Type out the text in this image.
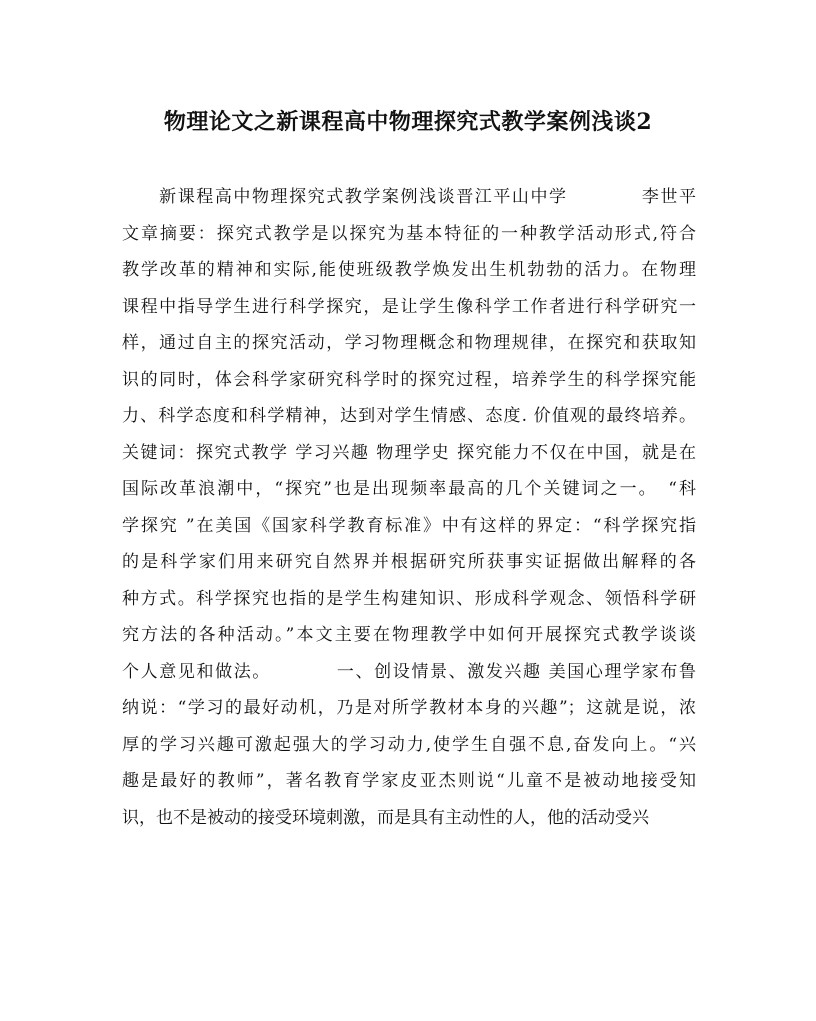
物理论文之新课程高中物理探究式教学案例浅谈2
　　新课程高中物理探究式教学案例浅谈晋江平山中学　　　　李世平
文章摘要：探究式教学是以探究为基本特征的一种教学活动形式,符合
教学改革的精神和实际,能使班级教学焕发出生机勃勃的活力。在物理
课程中指导学生进行科学探究，是让学生像科学工作者进行科学研究一
样，通过自主的探究活动，学习物理概念和物理规律，在探究和获取知
识的同时，体会科学家研究科学时的探究过程，培养学生的科学探究能
力、科学态度和科学精神，达到对学生情感、态度. 价值观的最终培养。
关键词：探究式教学 学习兴趣 物理学史 探究能力不仅在中国，就是在
国际改革浪潮中，“探究”也是出现频率最高的几个关键词之一。　“科
学探究 ”在美国《国家科学教育标准》中有这样的界定：“科学探究指
的是科学家们用来研究自然界并根据研究所获事实证据做出解释的各
种方式。科学探究也指的是学生构建知识、形成科学观念、领悟科学研
究方法的各种活动。”本文主要在物理教学中如何开展探究式教学谈谈
个人意见和做法。　　　　一、创设情景、激发兴趣 美国心理学家布鲁
纳说：“学习的最好动机，乃是对所学教材本身的兴趣”；这就是说，浓
厚的学习兴趣可激起强大的学习动力,使学生自强不息,奋发向上。“兴
趣是最好的教师”，著名教育学家皮亚杰则说“儿童不是被动地接受知
识，也不是被动的接受环境刺激，而是具有主动性的人，他的活动受兴
